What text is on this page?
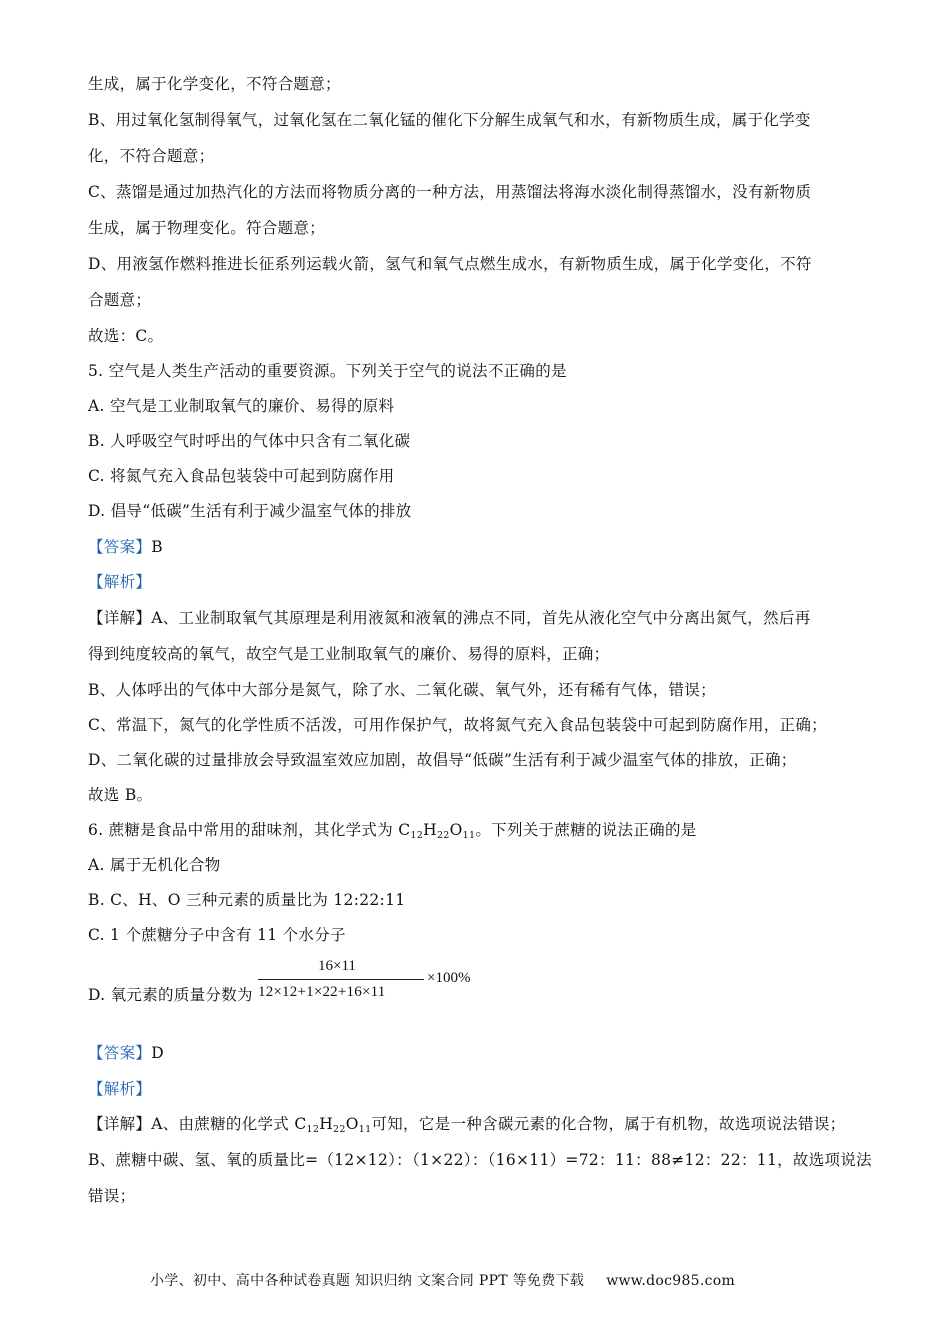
生成，属于化学变化，不符合题意；
B、用过氧化氢制得氧气，过氧化氢在二氧化锰的催化下分解生成氧气和水，有新物质生成，属于化学变
化，不符合题意；
C、蒸馏是通过加热汽化的方法而将物质分离的一种方法，用蒸馏法将海水淡化制得蒸馏水，没有新物质
生成，属于物理变化。符合题意；
D、用液氢作燃料推进长征系列运载火箭，氢气和氧气点燃生成水，有新物质生成，属于化学变化，不符
合题意；
故选：C。
5. 空气是人类生产活动的重要资源。下列关于空气的说法不正确的是
A. 空气是工业制取氧气的廉价、易得的原料
B. 人呼吸空气时呼出的气体中只含有二氧化碳
C. 将氮气充入食品包装袋中可起到防腐作用
D. 倡导“低碳”生活有利于减少温室气体的排放
【答案】B
【解析】
【详解】A、工业制取氧气其原理是利用液氮和液氧的沸点不同，首先从液化空气中分离出氮气，然后再
得到纯度较高的氧气，故空气是工业制取氧气的廉价、易得的原料，正确；
B、人体呼出的气体中大部分是氮气，除了水、二氧化碳、氧气外，还有稀有气体，错误；
C、常温下，氮气的化学性质不活泼，可用作保护气，故将氮气充入食品包装袋中可起到防腐作用，正确；
D、二氧化碳的过量排放会导致温室效应加剧，故倡导“低碳”生活有利于减少温室气体的排放，正确；
故选 B。
6. 蔗糖是食品中常用的甜味剂，其化学式为 $C_{12}H_{22}O_{11}$。下列关于蔗糖的说法正确的是
A. 属于无机化合物
B. C、H、O 三种元素的质量比为 12:22:11
C. 1 个蔗糖分子中含有 11 个水分子
D. 氧元素的质量分数为
16×11
12×12+1×22+16×11
×100%
【答案】D
【解析】
【详解】A、由蔗糖的化学式 $C_{12}H_{22}O_{11}$可知，它是一种含碳元素的化合物，属于有机物，故选项说法错误；
B、蔗糖中碳、氢、氧的质量比=（12×12）：（1×22）：（16×11）=72：11：88≠12：22：11，故选项说法
错误；
小学、初中、高中各种试卷真题 知识归纳 文案合同 PPT 等免费下载 www.doc985.com
